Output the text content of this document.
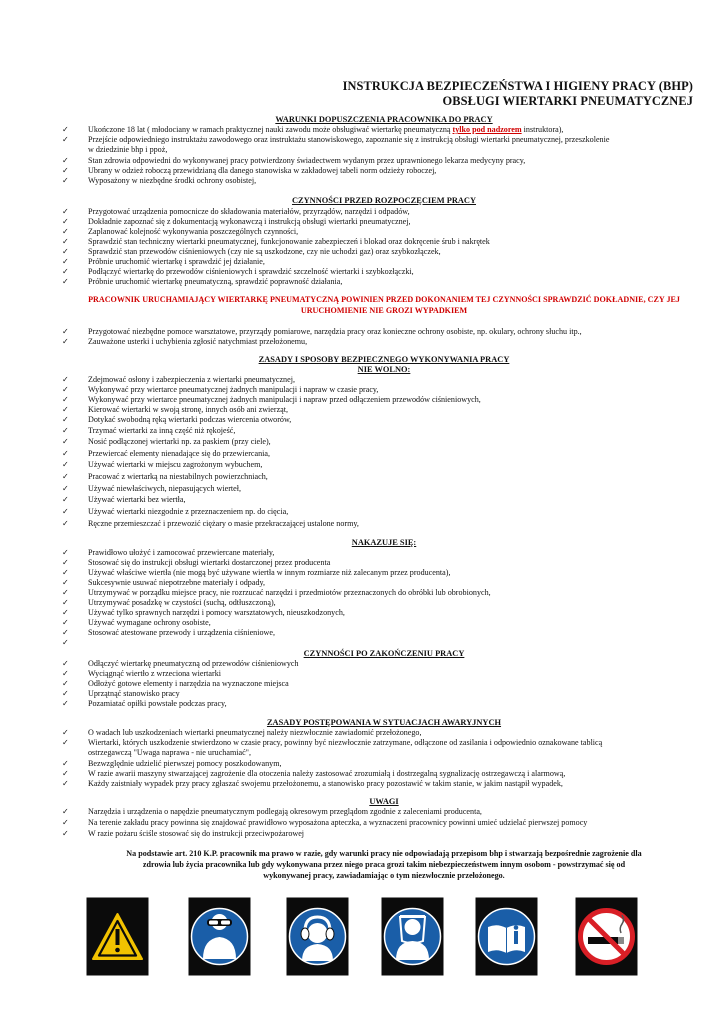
INSTRUKCJA BEZPIECZEŃSTWA I HIGIENY PRACY (BHP)
OBSŁUGI WIERTARKI PNEUMATYCZNEJ
WARUNKI DOPUSZCZENIA PRACOWNIKA DO PRACY
✓ Ukończone 18 lat ( młodociany w ramach praktycznej nauki zawodu może obsługiwać wiertarkę pneumatyczną tylko pod nadzorem instruktora),
✓ Przejście odpowiedniego instruktażu zawodowego oraz instruktażu stanowiskowego, zapoznanie się z instrukcją obsługi wiertarki pneumatycznej, przeszkolenie
w dziedzinie bhp i ppoż,
✓ Stan zdrowia odpowiedni do wykonywanej pracy potwierdzony świadectwem wydanym przez uprawnionego lekarza medycyny pracy,
✓ Ubrany w odzież roboczą przewidzianą dla danego stanowiska w zakładowej tabeli norm odzieży roboczej,
✓ Wyposażony w niezbędne środki ochrony osobistej,
CZYNNOŚCI PRZED ROZPOCZĘCIEM PRACY
✓ Przygotować urządzenia pomocnicze do składowania materiałów, przyrządów, narzędzi i odpadów,
✓ Dokładnie zapoznać się z dokumentacją wykonawczą i instrukcją obsługi wiertarki pneumatycznej,
✓ Zaplanować kolejność wykonywania poszczególnych czynności,
✓ Sprawdzić stan techniczny wiertarki pneumatycznej, funkcjonowanie zabezpieczeń i blokad oraz dokręcenie śrub i nakrętek
✓ Sprawdzić stan przewodów ciśnieniowych (czy nie są uszkodzone, czy nie uchodzi gaz) oraz szybkozłączek,
✓ Próbnie uruchomić wiertarkę i sprawdzić jej działanie,
✓ Podłączyć wiertarkę do przewodów ciśnieniowych i sprawdzić szczelność wiertarki i szybkozłączki,
✓ Próbnie uruchomić wiertarkę pneumatyczną, sprawdzić poprawność działania,
PRACOWNIK URUCHAMIAJĄCY WIERTARKĘ PNEUMATYCZNĄ POWINIEN PRZED DOKONANIEM TEJ CZYNNOŚCI SPRAWDZIĆ DOKŁADNIE, CZY JEJ
URUCHOMIENIE NIE GROZI WYPADKIEM
✓ Przygotować niezbędne pomoce warsztatowe, przyrządy pomiarowe, narzędzia pracy oraz konieczne ochrony osobiste, np. okulary, ochrony słuchu itp.,
✓ Zauważone usterki i uchybienia zgłosić natychmiast przełożonemu,
ZASADY I SPOSOBY BEZPIECZNEGO WYKONYWANIA PRACY
NIE WOLNO:
✓ Zdejmować osłony i zabezpieczenia z wiertarki pneumatycznej,
✓ Wykonywać przy wiertarce pneumatycznej żadnych manipulacji i napraw w czasie pracy,
✓ Wykonywać przy wiertarce pneumatycznej żadnych manipulacji i napraw przed odłączeniem przewodów ciśnieniowych,
✓ Kierować wiertarki w swoją stronę, innych osób ani zwierząt,
✓ Dotykać swobodną ręką wiertarki podczas wiercenia otworów,
✓ Trzymać wiertarki za inną część niż rękojeść,
✓ Nosić podłączonej wiertarki np. za paskiem (przy ciele),
✓ Przewiercać elementy nienadające się do przewiercania,
✓ Używać wiertarki w miejscu zagrożonym wybuchem,
✓ Pracować z wiertarką na niestabilnych powierzchniach,
✓ Używać niewłaściwych, niepasujących wierteł,
✓ Używać wiertarki bez wiertła,
✓ Używać wiertarki niezgodnie z przeznaczeniem np. do cięcia,
✓ Ręczne przemieszczać i przewozić ciężary o masie przekraczającej ustalone normy,
NAKAZUJE SIĘ:
✓ Prawidłowo ułożyć i zamocować przewiercane materiały,
✓ Stosować się do instrukcji obsługi wiertarki dostarczonej przez producenta
✓ Używać właściwe wiertła (nie mogą być używane wiertła w innym rozmiarze niż zalecanym przez producenta),
✓ Sukcesywnie usuwać niepotrzebne materiały i odpady,
✓ Utrzymywać w porządku miejsce pracy, nie rozrzucać narzędzi i przedmiotów przeznaczonych do obróbki lub obrobionych,
✓ Utrzymywać posadzkę w czystości (suchą, odtłuszczoną),
✓ Używać tylko sprawnych narzędzi i pomocy warsztatowych, nieuszkodzonych,
✓ Używać wymagane ochrony osobiste,
✓ Stosować atestowane przewody i urządzenia ciśnieniowe,
✓
CZYNNOŚCI PO ZAKOŃCZENIU PRACY
✓ Odłączyć wiertarkę pneumatyczną od przewodów ciśnieniowych
✓ Wyciągnąć wiertło z wrzeciona wiertarki
✓ Odłożyć gotowe elementy i narzędzia na wyznaczone miejsca
✓ Uprzątnąć stanowisko pracy
✓ Pozamiatać opiłki powstałe podczas pracy,
ZASADY POSTĘPOWANIA W SYTUACJACH AWARYJNYCH
✓ O wadach lub uszkodzeniach wiertarki pneumatycznej należy niezwłocznie zawiadomić przełożonego,
✓ Wiertarki, których uszkodzenie stwierdzono w czasie pracy, powinny być niezwłocznie zatrzymane, odłączone od zasilania i odpowiednio oznakowane tablicą
ostrzegawczą "Uwaga naprawa - nie uruchamiać",
✓ Bezwzględnie udzielić pierwszej pomocy poszkodowanym,
✓ W razie awarii maszyny stwarzającej zagrożenie dla otoczenia należy zastosować zrozumiałą i dostrzegalną sygnalizację ostrzegawczą i alarmową,
✓ Każdy zaistniały wypadek przy pracy zgłaszać swojemu przełożonemu, a stanowisko pracy pozostawić w takim stanie, w jakim nastąpił wypadek,
UWAGI
✓ Narzędzia i urządzenia o napędzie pneumatycznym podlegają okresowym przeglądom zgodnie z zaleceniami producenta,
✓ Na terenie zakładu pracy powinna się znajdować prawidłowo wyposażona apteczka, a wyznaczeni pracownicy powinni umieć udzielać pierwszej pomocy
✓ W razie pożaru ściśle stosować się do instrukcji przeciwpożarowej
Na podstawie art. 210 K.P. pracownik ma prawo w razie, gdy warunki pracy nie odpowiadają przepisom bhp i stwarzają bezpośrednie zagrożenie dla
zdrowia lub życia pracownika lub gdy wykonywana przez niego praca grozi takim niebezpieczeństwem innym osobom - powstrzymać się od
wykonywanej pracy, zawiadamiając o tym niezwłocznie przełożonego.
